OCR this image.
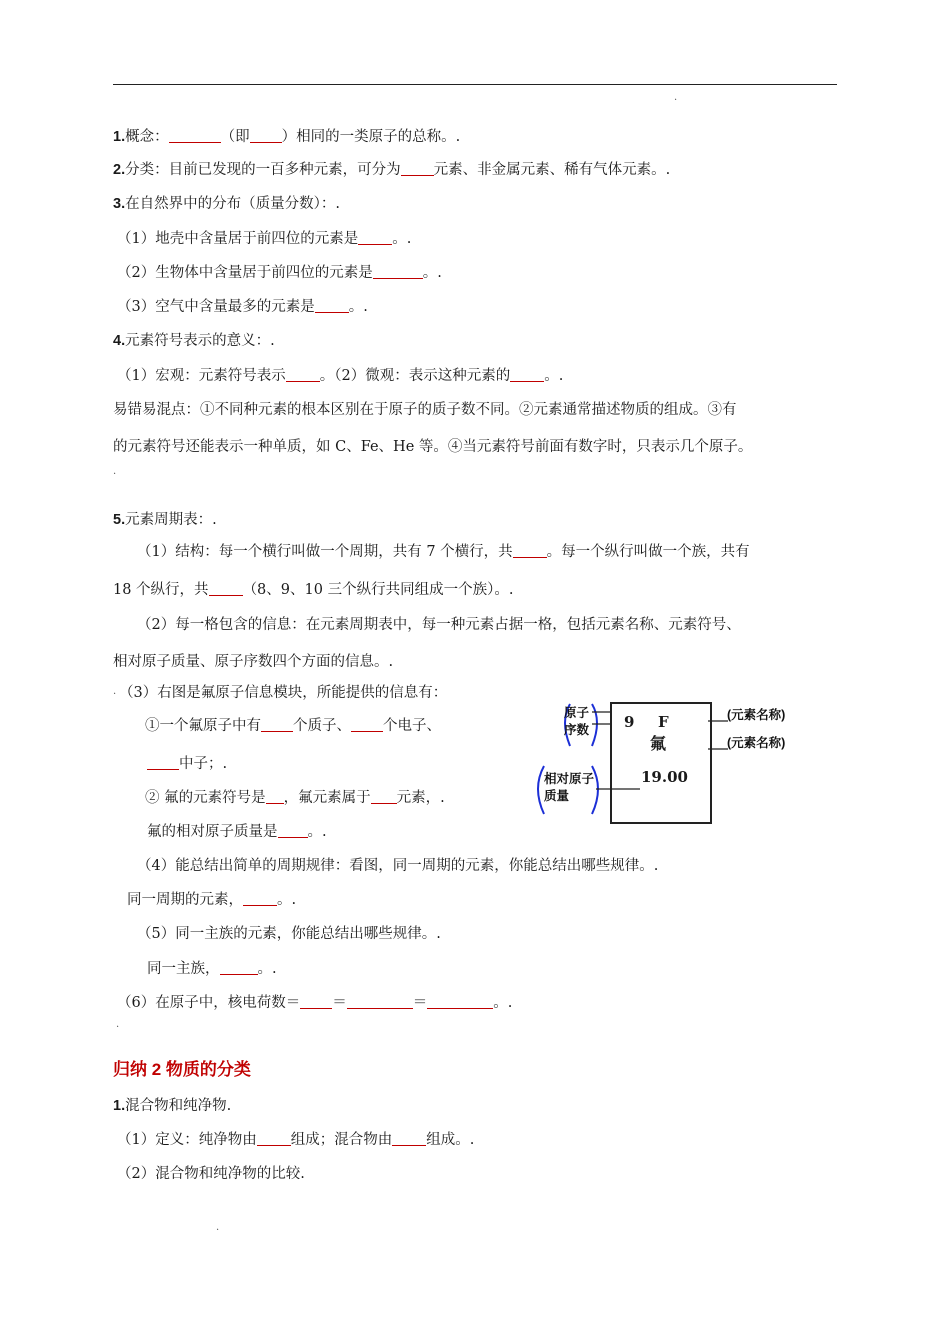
.
1.概念：	（即 ）相同的一类原子的总称。.
2.分类：目前已发现的一百多种元素，可分为 元素、非金属元素、稀有气体元素。.
3.在自然界中的分布（质量分数）：.
（1）地壳中含量居于前四位的元素是 。.
（2）生物体中含量居于前四位的元素是	。.
（3）空气中含量最多的元素是 。.
4.元素符号表示的意义：.
（1）宏观：元素符号表示 。（2）微观：表示这种元素的 。.
易错易混点：①不同种元素的根本区别在于原子的质子数不同。②元素通常描述物质的组成。③有
的元素符号还能表示一种单质，如 C、Fe、He 等。④当元素符号前面有数字时，只表示几个原子。
.
5.元素周期表：.
（1）结构：每一个横行叫做一个周期，共有 7 个横行，共 。每一个纵行叫做一个族，共有
18 个纵行，共 （8、9、10 三个纵行共同组成一个族）。.
（2）每一格包含的信息：在元素周期表中，每一种元素占据一格，包括元素名称、元素符号、
相对原子质量、原子序数四个方面的信息。.
. （3）右图是氟原子信息模块，所能提供的信息有：
①一个氟原子中有 个质子、 个电子、
中子；.
② 氟的元素符号是 ，氟元素属于 元素，.
氟的相对原子质量是 。.
原子
序数
相对原子
质量
9 F
氟
19.00
(元素名称)
(元素名称)
（4）能总结出简单的周期规律：看图，同一周期的元素，你能总结出哪些规律。.
同一周期的元素， 。.
（5）同一主族的元素，你能总结出哪些规律。.
同一主族，	。.
（6）在原子中，核电荷数＝ ＝	＝	。.
.
归纳 2 物质的分类
1.混合物和纯净物.
（1）定义：纯净物由 组成；混合物由 组成。.
（2）混合物和纯净物的比较.
.
